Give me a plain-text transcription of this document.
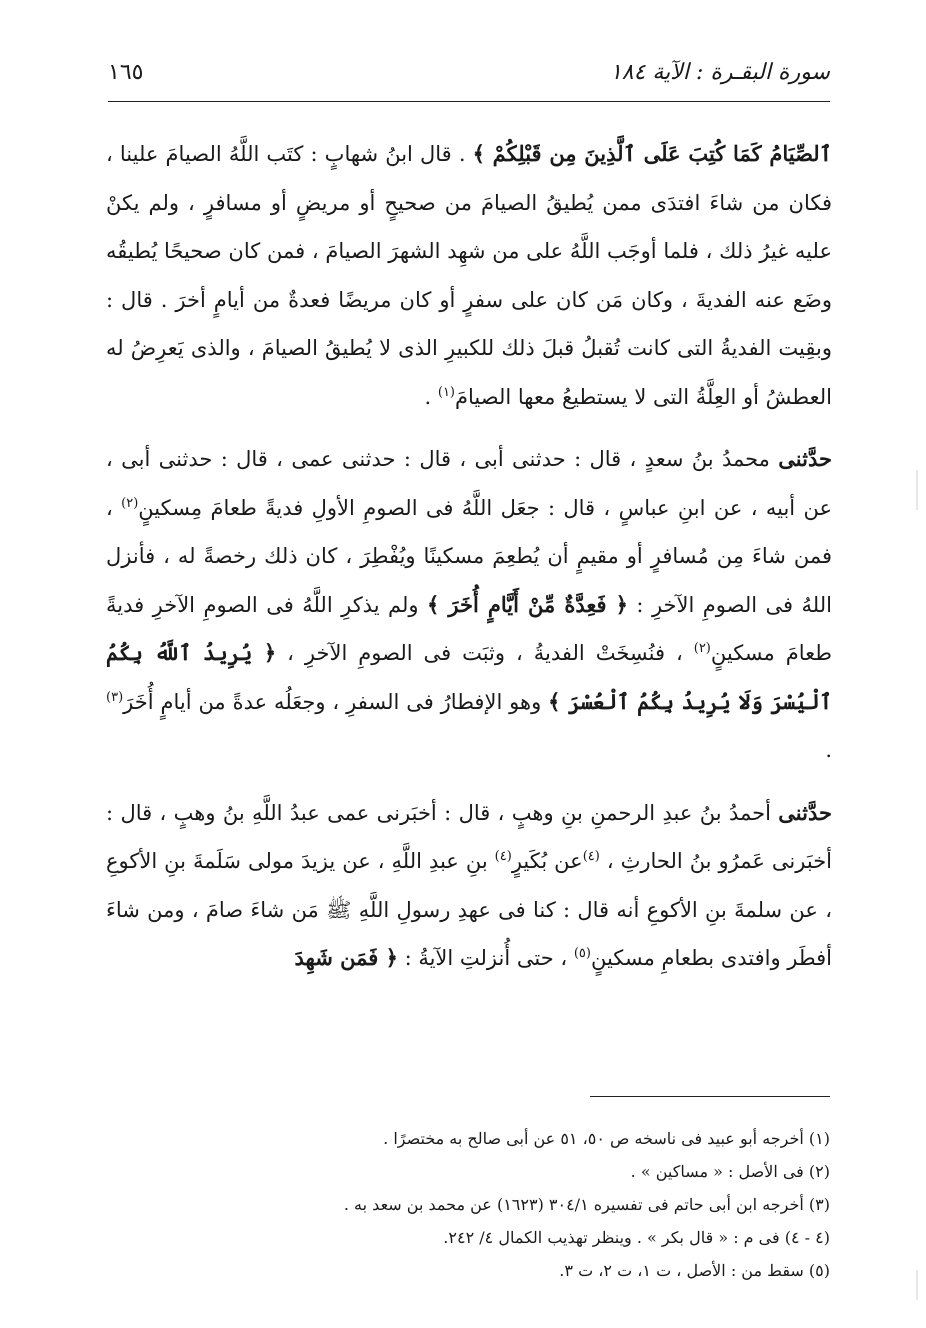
سورة البقـرة : الآية ١٨٤
١٦٥

ٱلصِّيَامُ كَمَا كُتِبَ عَلَى ٱلَّذِينَ مِن قَبْلِكُمْ ﴾ . قال ابنُ شهابٍ : كتَب اللَّهُ الصيامَ علينا ، فكان من شاءَ افتدَى ممن يُطيقُ الصيامَ من صحيحٍ أو مريضٍ أو مسافرٍ ، ولم يكنْ عليه غيرُ ذلك ، فلما أوجَب اللَّهُ على من شهِد الشهرَ الصيامَ ، فمن كان صحيحًا يُطيقُه وضَع عنه الفديةَ ، وكان مَن كان على سفرٍ أو كان مريضًا فعدةٌ من أيامٍ أخرَ . قال : وبقِيت الفديةُ التى كانت تُقبلُ قبلَ ذلك للكبيرِ الذى لا يُطيقُ الصيامَ ، والذى يَعرِضُ له العطشُ أو العِلَّةُ التى لا يستطيعُ معها الصيامَ$^{(١)}$ .

حدَّثنى محمدُ بنُ سعدٍ ، قال : حدثنى أبى ، قال : حدثنى عمى ، قال : حدثنى أبى ، عن أبيه ، عن ابنِ عباسٍ ، قال : جعَل اللَّهُ فى الصومِ الأولِ فديةً طعامَ مِسكينٍ$^{(٢)}$ ، فمن شاءَ مِن مُسافرٍ أو مقيمٍ أن يُطعِمَ مسكينًا ويُفْطِرَ ، كان ذلك رخصةً له ، فأنزل اللهُ فى الصومِ الآخرِ : ﴿ فَعِدَّةٌ مِّنْ أَيَّامٍ أُخَرَ ﴾ ولم يذكرِ اللَّهُ فى الصومِ الآخرِ فديةً طعامَ مسكينٍ$^{(٢)}$ ، فنُسِخَتْ الفديةُ ، وثبَت فى الصومِ الآخرِ ، ﴿ يُرِيدُ ٱللَّهُ بِكُمُ ٱلْيُسْرَ وَلَا يُرِيدُ بِكُمُ ٱلْعُسْرَ ﴾ وهو الإفطارُ فى السفرِ ، وجعَلُه عدةً من أيامٍ أُخَرَ$^{(٣)}$ .

حدَّثنى أحمدُ بنُ عبدِ الرحمنِ بنِ وهبٍ ، قال : أخبَرنى عمى عبدُ اللَّهِ بنُ وهبٍ ، قال : أخبَرنى عَمرُو بنُ الحارثِ ، $^{(٤)}$عن بُكَيرٍ$^{(٤)}$ بنِ عبدِ اللَّهِ ، عن يزيدَ مولى سَلَمةَ بنِ الأكوعِ ، عن سلمةَ بنِ الأكوعِ أنه قال : كنا فى عهدِ رسولِ اللَّهِ ﷺ مَن شاءَ صامَ ، ومن شاءَ أفطَر وافتدى بطعامِ مسكينٍ$^{(٥)}$ ، حتى أُنزلتِ الآيةُ : ﴿ فَمَن شَهِدَ

(١) أخرجه أبو عبيد فى ناسخه ص ٥٠، ٥١ عن أبى صالح به مختصرًا .
(٢) فى الأصل : « مساكين » .
(٣) أخرجه ابن أبى حاتم فى تفسيره ٣٠٤/١ (١٦٢٣) عن محمد بن سعد به .
(٤ - ٤) فى م : « قال بكر » . وينظر تهذيب الكمال ٤/ ٢٤٢.
(٥) سقط من : الأصل ، ت ١، ت ٢، ت ٣.
